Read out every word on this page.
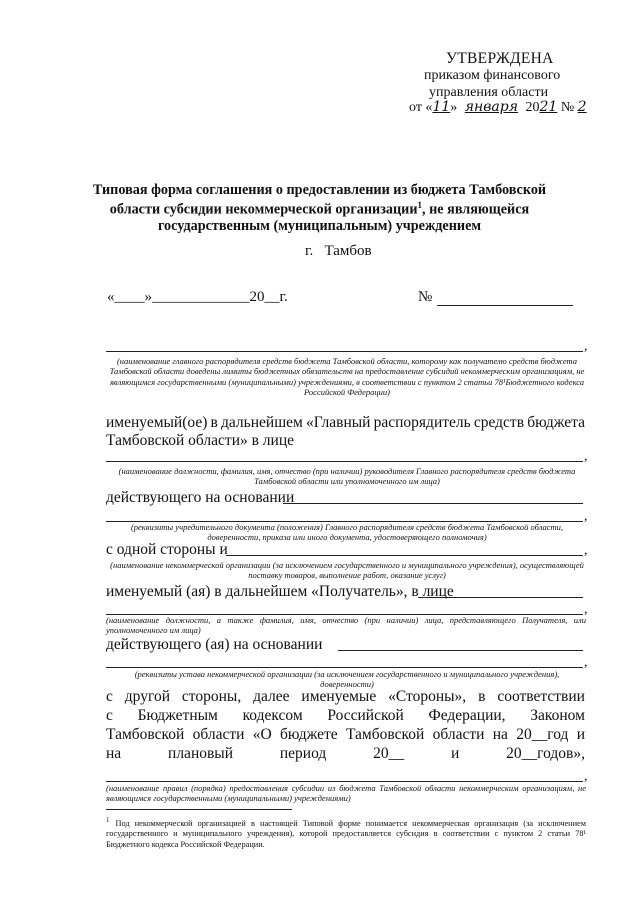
УТВЕРЖДЕНА
приказом финансового
управления области
от «11» января 2021 № 2
Типовая форма соглашения о предоставлении из бюджета Тамбовской
области субсидии некоммерческой организации$^1$, не являющейся
государственным (муниципальным) учреждением
г.   Тамбов
«____»_____________20__г.	№
,
(наименование главного распорядителя средств бюджета Тамбовской области, которому как получателю средств бюджета Тамбовской области доведены лимиты бюджетных обязательств на предоставление субсидий некоммерческим организациям, не являющимся государственными (муниципальными) учреждениями, в соответствии с пунктом 2 статьи 78¹Бюджетного кодекса Российской Федерации)
именуемый(ое) в дальнейшем «Главный распорядитель средств бюджета
Тамбовской области» в лице
,
(наименование должности, фамилия, имя, отчество (при наличии) руководителя Главного распорядителя средств бюджета Тамбовской области или уполномоченного им лица)
действующего на основании
,
(реквизиты учредительного документа (положения) Главного распорядителя средств бюджета Тамбовской области, доверенности, приказа или иного документа, удостоверяющего полномочия)
с одной стороны и	,
(наименование некоммерческой организации (за исключением государственного и муниципального учреждения), осуществляющей поставку товаров, выполнение работ, оказание услуг)
именуемый (ая) в дальнейшем «Получатель», в лице
,
(наименование должности, а также фамилия, имя, отчество (при наличии) лица, представляющего Получателя, или уполномоченного им лица)
действующего (ая) на основании
,
(реквизиты устава некоммерческой организации (за исключением государственного и муниципального учреждения), доверенности)
с другой стороны, далее именуемые «Стороны», в соответствии
с Бюджетным кодексом Российской Федерации, Законом
Тамбовской области «О бюджете Тамбовской области на 20__год и
на	плановый	период	20__	и	20__годов»,
,
(наименование правил (порядка) предоставления субсидии из бюджета Тамбовской области некоммерческим организациям, не являющимся государственными (муниципальными) учреждениями)
$^1$ Под некоммерческой организацией в настоящей Типовой форме понимается некоммерческая организация (за исключением государственного и муниципального учреждения), которой предоставляется субсидия в соответствии с пунктом 2 статьи 78¹ Бюджетного кодекса Российской Федерации.
